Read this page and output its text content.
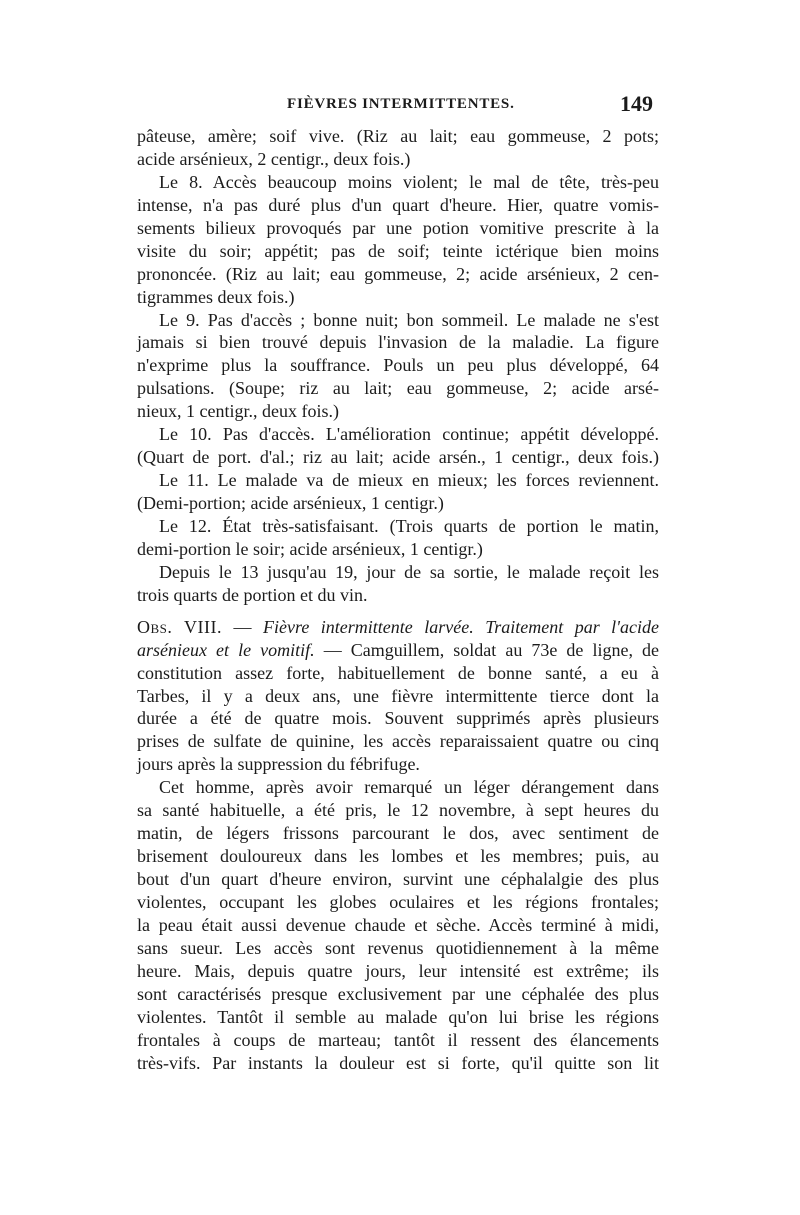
FIÈVRES INTERMITTENTES.	149
pâteuse, amère; soif vive. (Riz au lait; eau gommeuse, 2 pots;
acide arsénieux, 2 centigr., deux fois.)
Le 8. Accès beaucoup moins violent; le mal de tête, très-peu
intense, n'a pas duré plus d'un quart d'heure. Hier, quatre vomis-
sements bilieux provoqués par une potion vomitive prescrite à la
visite du soir; appétit; pas de soif; teinte ictérique bien moins
prononcée. (Riz au lait; eau gommeuse, 2; acide arsénieux, 2 cen-
tigrammes deux fois.)
Le 9. Pas d'accès ; bonne nuit; bon sommeil. Le malade ne s'est
jamais si bien trouvé depuis l'invasion de la maladie. La figure
n'exprime plus la souffrance. Pouls un peu plus développé, 64
pulsations. (Soupe; riz au lait; eau gommeuse, 2; acide arsé-
nieux, 1 centigr., deux fois.)
Le 10. Pas d'accès. L'amélioration continue; appétit développé.
(Quart de port. d'al.; riz au lait; acide arsén., 1 centigr., deux fois.)
Le 11. Le malade va de mieux en mieux; les forces reviennent.
(Demi-portion; acide arsénieux, 1 centigr.)
Le 12. État très-satisfaisant. (Trois quarts de portion le matin,
demi-portion le soir; acide arsénieux, 1 centigr.)
Depuis le 13 jusqu'au 19, jour de sa sortie, le malade reçoit les
trois quarts de portion et du vin.
Obs. VIII. — Fièvre intermittente larvée. Traitement par l'acide
arsénieux et le vomitif. — Camguillem, soldat au 73e de ligne, de
constitution assez forte, habituellement de bonne santé, a eu à
Tarbes, il y a deux ans, une fièvre intermittente tierce dont la
durée a été de quatre mois. Souvent supprimés après plusieurs
prises de sulfate de quinine, les accès reparaissaient quatre ou cinq
jours après la suppression du fébrifuge.
Cet homme, après avoir remarqué un léger dérangement dans
sa santé habituelle, a été pris, le 12 novembre, à sept heures du
matin, de légers frissons parcourant le dos, avec sentiment de
brisement douloureux dans les lombes et les membres; puis, au
bout d'un quart d'heure environ, survint une céphalalgie des plus
violentes, occupant les globes oculaires et les régions frontales;
la peau était aussi devenue chaude et sèche. Accès terminé à midi,
sans sueur. Les accès sont revenus quotidiennement à la même
heure. Mais, depuis quatre jours, leur intensité est extrême; ils
sont caractérisés presque exclusivement par une céphalée des plus
violentes. Tantôt il semble au malade qu'on lui brise les régions
frontales à coups de marteau; tantôt il ressent des élancements
très-vifs. Par instants la douleur est si forte, qu'il quitte son lit
